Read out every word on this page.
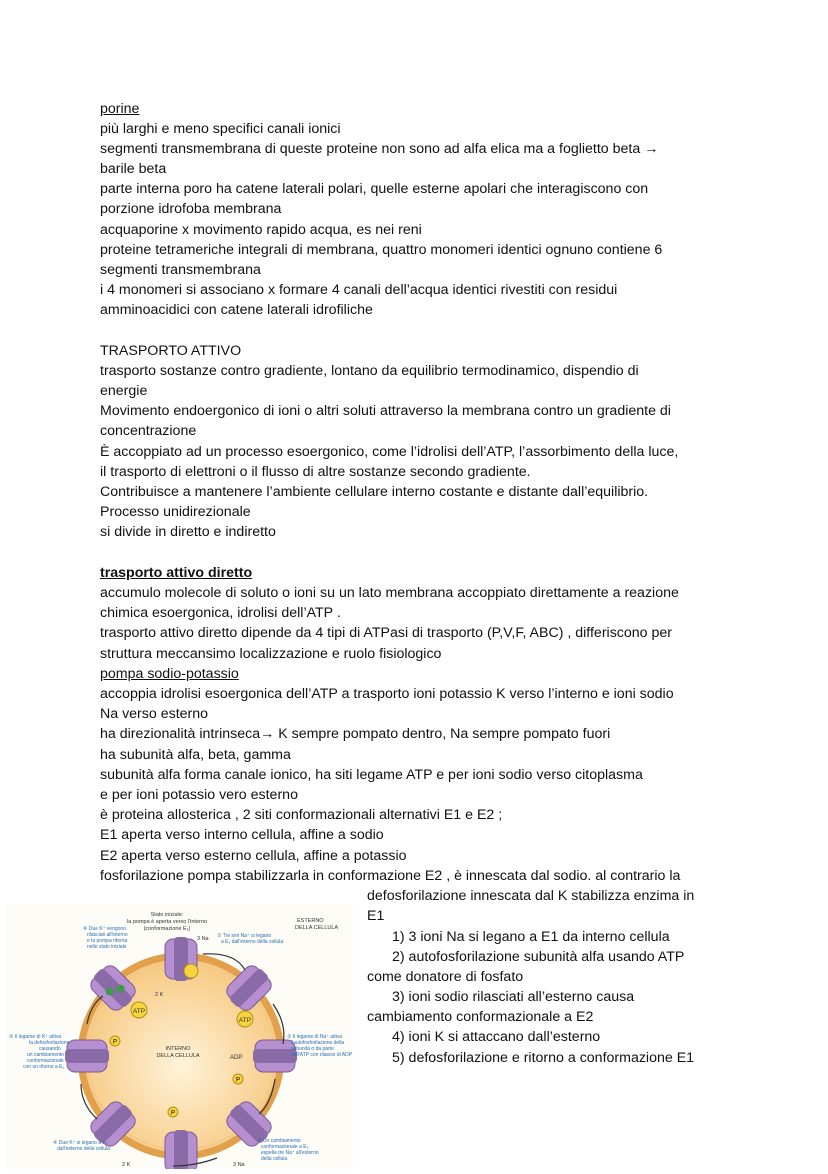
porine
più larghi e meno specifici canali ionici
segmenti transmembrana di queste proteine non sono ad alfa elica ma a foglietto beta →
barile beta
parte interna poro ha catene laterali polari, quelle esterne apolari che interagiscono con
porzione idrofoba membrana
acquaporine x movimento rapido acqua, es nei reni
proteine tetrameriche integrali di membrana, quattro monomeri identici ognuno contiene 6
segmenti transmembrana
i 4 monomeri si associano x formare 4 canali dell’acqua identici rivestiti con residui
amminoacidici con catene laterali idrofiliche
TRASPORTO ATTIVO
trasporto sostanze contro gradiente, lontano da equilibrio termodinamico, dispendio di
energie
Movimento endoergonico di ioni o altri soluti attraverso la membrana contro un gradiente di
concentrazione
È accoppiato ad un processo esoergonico, come l’idrolisi dell’ATP, l’assorbimento della luce,
il trasporto di elettroni o il flusso di altre sostanze secondo gradiente.
Contribuisce a mantenere l’ambiente cellulare interno costante e distante dall’equilibrio.
Processo unidirezionale
si divide in diretto e indiretto
trasporto attivo diretto
accumulo molecole di soluto o ioni su un lato membrana accoppiato direttamente a reazione
chimica esoergonica, idrolisi dell’ATP .
trasporto attivo diretto dipende da 4 tipi di ATPasi di trasporto (P,V,F, ABC) , differiscono per
struttura meccansimo localizzazione e ruolo fisiologico
pompa sodio-potassio
accoppia idrolisi esoergonica dell’ATP a trasporto ioni potassio K verso l’interno e ioni sodio
Na verso esterno
ha direzionalità intrinseca→ K sempre pompato dentro, Na sempre pompato fuori
ha subunità alfa, beta, gamma
subunità alfa forma canale ionico, ha siti legame ATP e per ioni sodio verso citoplasma
e per ioni potassio vero esterno
è proteina allosterica , 2 siti conformazionali alternativi E1 e E2 ;
E1 aperta verso interno cellula, affine a sodio
E2 aperta verso esterno cellula, affine a potassio
fosforilazione pompa stabilizzarla in conformazione E2 , è innescata dal sodio. al contrario la
defosforilazione innescata dal K stabilizza enzima in
E1
1) 3 ioni Na si legano a E1 da interno cellula
2) autofosforilazione subunità alfa usando ATP
come donatore di fosfato
3) ioni sodio rilasciati all’esterno causa
cambiamento conformazionale a E2
4) ioni K si attaccano dall’esterno
5) defosforilazione e ritorno a conformazione E1
ATP
ATP
P
P
P
ADP
3 Na
2 K
2 K
3 Na
INTERNO
DELLA CELLULA
Stato iniziale:
la pompa è aperta verso l'interno
(conformazione E₁)
ESTERNO
DELLA CELLULA
① Tre ioni Na⁺ si legano
a E₁ dall'interno della cellula
② Il legame di Na⁺ attiva
l'autofosforilazione della
subunità α da parte
dell'ATP con rilascio di ADP
③ Un cambiamento
conformazionale a E₂
espelle tre Na⁺ all'esterno
della cellula
④ Due K⁺ si legano a E₂
dall'esterno della cellula
⑤ Il legame di K⁺ attiva
la defosforilazione
causando
un cambiamento
conformazionale
con un ritorno a E₁
⑥ Due K⁺ vengono
rilasciati all'interno
e la pompa ritorna
nello stato iniziale
